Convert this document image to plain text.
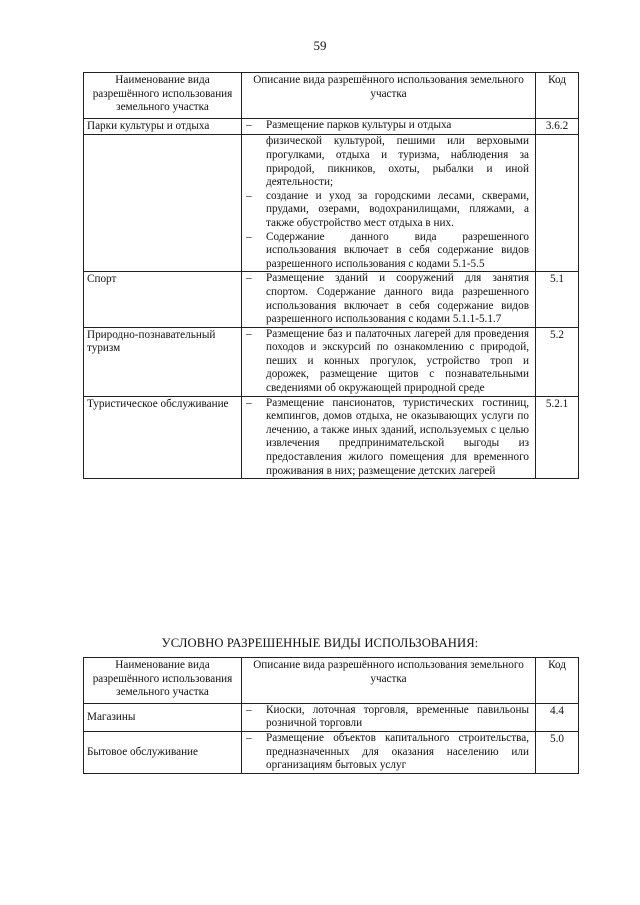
59
Наименование вида разрешённого использования земельного участка	Описание вида разрешённого использования земельного участка	Код
Парки культуры и отдыха	– Размещение парков культуры и отдыха	3.6.2

	физической культурой, пешими или верховыми прогулками, отдыха и туризма, наблюдения за природой, пикников, охоты, рыбалки и иной деятельности;
– создание и уход за городскими лесами, скверами, прудами, озерами, водохранилищами, пляжами, а также обустройство мест отдыха в них.
– Содержание данного вида разрешенного использования включает в себя содержание видов разрешенного использования с кодами 5.1-5.5	

Спорт	– Размещение зданий и сооружений для занятия спортом. Содержание данного вида разрешенного использования включает в себя содержание видов разрешенного использования с кодами 5.1.1-5.1.7	5.1
Природно-познавательный туризм	– Размещение баз и палаточных лагерей для проведения походов и экскурсий по ознакомлению с природой, пеших и конных прогулок, устройство троп и дорожек, размещение щитов с познавательными сведениями об окружающей природной среде	5.2
Туристическое обслуживание	– Размещение пансионатов, туристических гостиниц, кемпингов, домов отдыха, не оказывающих услуги по лечению, а также иных зданий, используемых с целью извлечения предпринимательской выгоды из предоставления жилого помещения для временного проживания в них; размещение детских лагерей	5.2.1
УСЛОВНО РАЗРЕШЕННЫЕ ВИДЫ ИСПОЛЬЗОВАНИЯ:
Наименование вида разрешённого использования земельного участка	Описание вида разрешённого использования земельного участка	Код
Магазины	– Киоски, лоточная торговля, временные павильоны розничной торговли	4.4
Бытовое обслуживание	– Размещение объектов капитального строительства, предназначенных для оказания населению или организациям бытовых услуг	5.0
